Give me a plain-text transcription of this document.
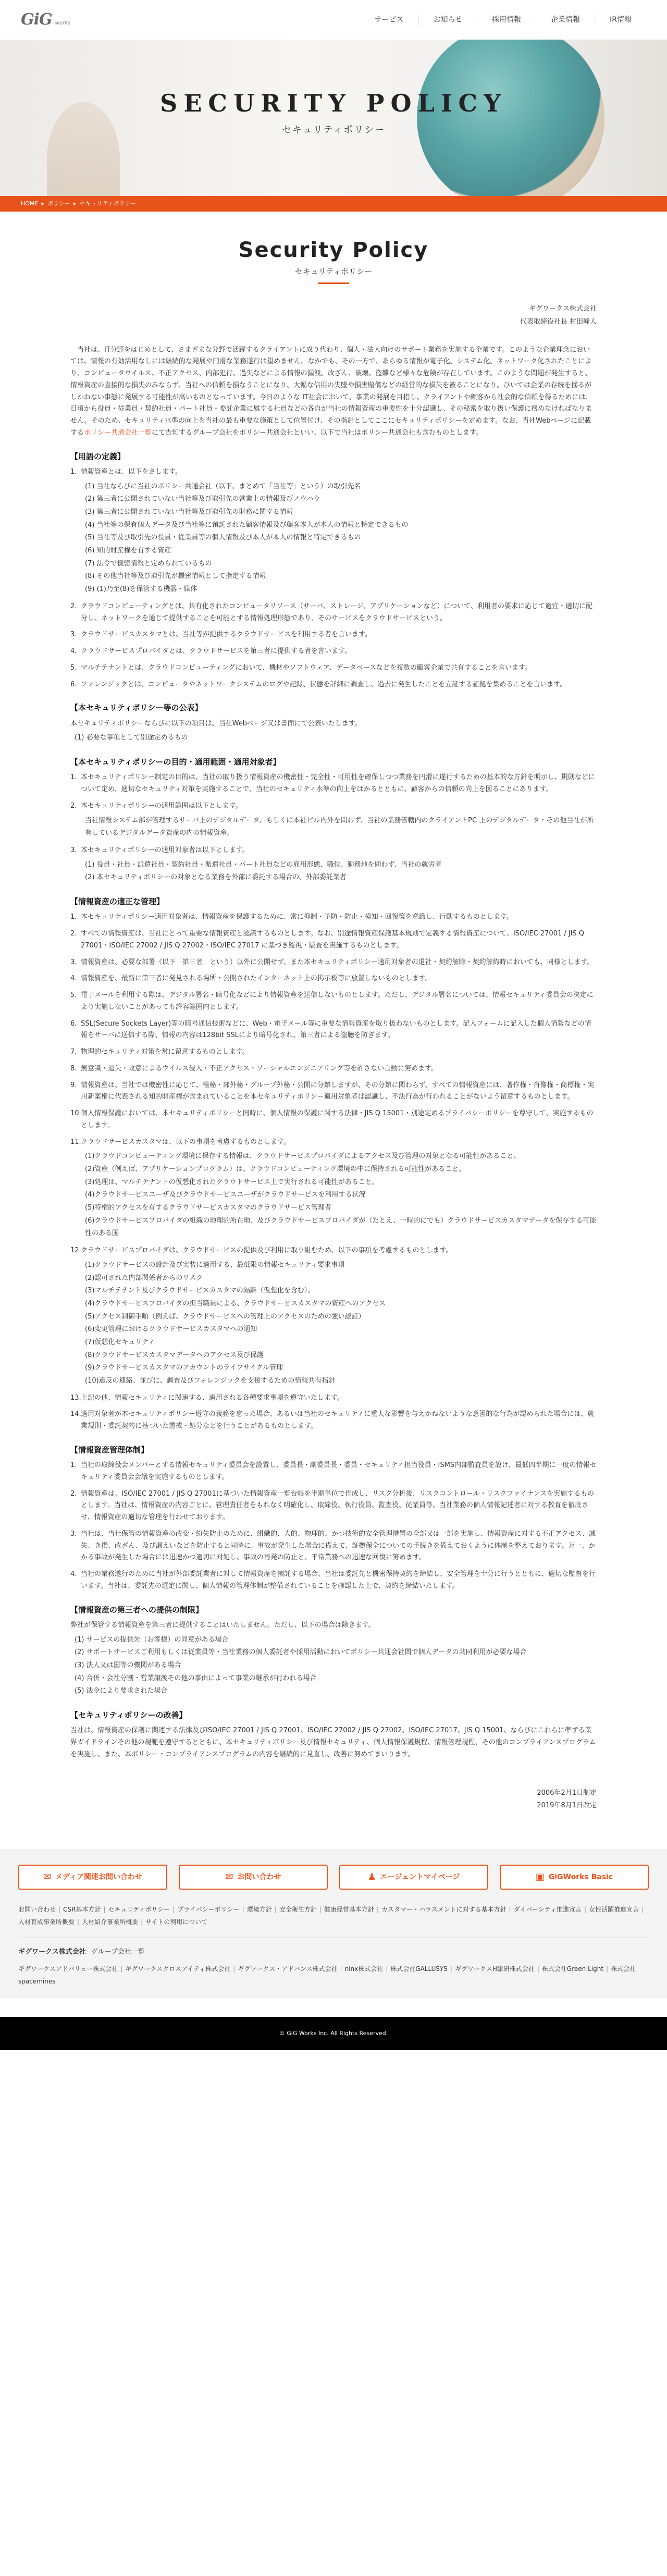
GiG works	サービス	お知らせ	採用情報	企業情報	IR情報
SECURITY POLICY
セキュリティポリシー
HOME ▸ ポリシー ▸ セキュリティポリシー
Security Policy
セキュリティポリシー
ギグワークス株式会社
代表取締役社長 村田峰人

当社は、IT分野をはじめとして、さまざまな分野で活躍するクライアントに成り代わり、個人・法人向けのサポート業務を実施する企業です。このような企業理念においては、情報の有効活用なしには継続的な発展や円滑な業務遂行は望めません。なかでも、その一方で、あらゆる情報が電子化、システム化、ネットワーク化されたことにより、コンピュータウイルス、不正アクセス、内部犯行、過失などによる情報の漏洩、改ざん、破壊、盗難など様々な危険が存在しています。このような問題が発生すると、情報資産の直接的な損失のみならず、当社への信頼を損なうことになり、大幅な信用の失墜や損害賠償などの経営的な損失を被ることになり、ひいては企業の存続を揺るがしかねない事態に発展する可能性が高いものとなっています。今日のような IT社会において、事業の発展を目指し、クライアントや顧客から社会的な信頼を得るためには、日頃から役員・従業員・契約社員・パート社員・委託企業に属する社員などの各自が当社の情報資産の重要性を十分認識し、その秘密を取り扱い保護に務めなければなりません。そのため、セキュリティ水準の向上を当社の最も重要な施策として位置付け、その指針としてここにセキュリティポリシーを定めます。なお、当社Webページに記載するポリシー共通会社一覧にて告知するグループ会社をポリシー共通会社といい、以下で当社はポリシー共通会社も含むものとします。

【用語の定義】
1. 情報資産とは、以下をさします。
(1) 当社ならびに当社のポリシー共通会社（以下、まとめて「当社等」という）の取引先名
(2) 第三者に公開されていない当社等及び取引先の営業上の情報及びノウハウ
(3) 第三者に公開されていない当社等及び取引先の財務に関する情報
(4) 当社等の保有個人データ及び当社等に預託された顧客情報及び顧客本人が本人の情報と特定できるもの
(5) 当社等及び取引先の役員・従業員等の個人情報及び本人が本人の情報と特定できるもの
(6) 知的財産権を有する資産
(7) 法令で機密情報と定められているもの
(8) その他当社等及び取引先が機密情報として指定する情報
(9) (1)乃至(8)を保管する機器・媒体
2. クラウドコンピューティングとは、共有化されたコンピュータリソース（サーバ、ストレージ、アプリケーションなど）について、利用者の要求に応じて適宜・適切に配分し、ネットワークを通じて提供することを可能とする情報処理形態であり、そのサービスをクラウドサービスという。
3. クラウドサービスカスタマとは、当社等が提供するクラウドサービスを利用する者を言います。
4. クラウドサービスプロバイダとは、クラウドサービスを第三者に提供する者を言います。
5. マルチテナントとは、クラウドコンピューティングにおいて、機材やソフトウェア、データベースなどを複数の顧客企業で共有することを言います。
6. フォレンジックとは、コンピュータやネットワークシステムのログや記録、状態を詳細に調査し、過去に発生したことを立証する証拠を集めることを言います。
【本セキュリティポリシー等の公表】
本セキュリティポリシーならびに以下の項目は、当社Webページ又は書面にて公表いたします。
(1) 必要な事項として別途定めるもの
【本セキュリティポリシーの目的・適用範囲・適用対象者】
1. 本セキュリティポリシー制定の目的は、当社の取り扱う情報資産の機密性・完全性・可用性を確保しつつ業務を円滑に遂行するための基本的な方針を明示し、規則などについて定め、適切なセキュリティ対策を実施することで、当社のセキュリティ水準の向上をはかるとともに、顧客からの信頼の向上を図ることにあります。
2. 本セキュリティポリシーの適用範囲は以下とします。
当社情報システム部が管理するサーバ上のデジタルデータ、もしくは本社ビル内外を問わず、当社の業務管轄内のクライアントPC 上のデジタルデータ・その他当社が所有しているデジタルデータ資産の内の情報資産。
3. 本セキュリティポリシーの適用対象者は以下とします。
(1) 役員・社員・派遣社員・契約社員・派遣社員・パート社員などの雇用形態、職位、勤務地を問わず、当社の就労者
(2) 本セキュリティポリシーの対象となる業務を外部に委託する場合の、外部委託業者
【情報資産の適正な管理】
1. 本セキュリティポリシー適用対象者は、情報資産を保護するために、常に抑制・予防・防止・検知・回復策を意識し、行動するものとします。
2. すべての情報資産は、当社にとって重要な情報資産と認識するものとします。なお、別途情報資産保護基本規則で定義する情報資産について、ISO/IEC 27001 / JIS Q 27001・ISO/IEC 27002 / JIS Q 27002・ISO/IEC 27017 に基づき監視・監査を実施するものとします。
3. 情報資産は、必要な部署（以下「第三者」という）以外に公開せず、また本セキュリティポリシー適用対象者の退社・契約解除・契約解約時においても、同様とします。
4. 情報資産を、最新に第三者に発見される場所・公開されたインターネット上の掲示板等に放置しないものとします。
5. 電子メールを利用する際は、デジタル署名・暗号化などにより情報資産を送信しないものとします。ただし、デジタル署名については、情報セキュリティ委員会の決定により実施しないことがあっても許容範囲内とします。
6. SSL(Secure Sockets Layer)等の暗号通信技術などに、Web・電子メール等に重要な情報資産を取り扱わないものとします。記入フォームに記入した個人情報などの情報をサーバに送信する際、情報の内容は128bit SSLにより暗号化され、第三者による盗聴を防ぎます。
7. 物理的セキュリティ対策を常に留意するものとします。
8. 無意識・過失・故意によるウイルス侵入・不正アクセス・ソーシャルエンジニアリング等を許さない言動に努めます。
9. 情報資産は、当社では機密性に応じて、極秘・部外秘・グループ外秘・公開に分類しますが、その分類に関わらず、すべての情報資産には、著作権・肖像権・商標権・実用新案権に代表される知的財産権が含まれていることを本セキュリティポリシー適用対象者は認識し、不法行為が行われることがないよう留意するものとします。
10. 個人情報保護においては、本セキュリティポリシーと同時に、個人情報の保護に関する法律・JIS Q 15001・別途定めるプライバシーポリシーを尊守して、実施するものとします。
11. クラウドサービスカスタマは、以下の事項を考慮するものとします。
(1)クラウドコンピューティング環境に保存する情報は、クラウドサービスプロバイダによるアクセス及び管理の対象となる可能性があること。
(2)資産（例えば、アプリケーションプログラム）は、クラウドコンピューティング環境の中に保持される可能性があること。
(3)処理は、マルチテナントの仮想化されたクラウドサービス上で実行される可能性があること。
(4)クラウドサービスユーザ及びクラウドサービスユーザがクラウドサービスを利用する状況
(5)特権的アクセスを有するクラウドサービスカスタマのクラウドサービス管理者
(6)クラウドサービスプロバイダの組織の地理的所在地、及びクラウドサービスプロバイダが（たとえ、一時的にでも）クラウドサービスカスタマデータを保存する可能性のある国
12. クラウドサービスプロバイダは、クラウドサービスの提供及び利用に取り組むため、以下の事項を考慮するものとします。
(1)クラウドサービスの設計及び実装に適用する、最低限の情報セキュリティ要求事項
(2)認可された内部関係者からのリスク
(3)マルチテナント及びクラウドサービスカスタマの隔離（仮想化を含む）。
(4)クラウドサービスプロバイダの担当職員による、クラウドサービスカスタマの資産へのアクセス
(5)アクセス制御手順（例えば、クラウドサービスへの管理上のアクセスのための強い認証）
(6)変更管理におけるクラウドサービスカスタマへの通知
(7)仮想化セキュリティ
(8)クラウドサービスカスタマデータへのアクセス及び保護
(9)クラウドサービスカスタマのアカウントのライフサイクル管理
(10)違反の連絡、並びに、調査及びフォレンジックを支援するための情報共有指針
13. 上記の他、情報セキュリティに関連する、適用される各種要求事項を遵守いたします。
14. 適用対象者が本セキュリティポリシー遵守の義務を怠った場合、あるいは当社のセキュリティに重大な影響を与えかねないような意図的な行為が認められた場合には、就業規則・委託契約に基づいた懲戒・処分などを行うことがあるものとします。
【情報資産管理体制】
1. 当社の取締役会メンバーとする情報セキュリティ委員会を設置し、委員長・副委員長・委員・セキュリティ担当役員・ISMS内部監査員を設け、最低四半期に一度の情報セキュリティ委員会会議を実施するものとします。
2. 情報資産は、ISO/IEC 27001 / JIS Q 27001に基づいた情報資産一覧台帳を半期単位で作成し、リスク分析後、リスクコントロール・リスクファイナンスを実施するものとします。当社は、情報資産の内容ごとに、管理責任者をもれなく明確化し、取締役、執行役員、監査役、従業員等、当社業務の個人情報記述者に対する教育を徹底させ、情報資産の適切な管理を行わせております。
3. 当社は、当社保管の情報資産の改変・紛失防止のために、組織的、人的、物理的、かつ技術的安全管理措置の全部又は一部を実施し、情報資産に対する不正アクセス、滅失、き損、改ざん、及び漏えいなどを防止すると同時に、事故が発生した場合に備えて、証拠保全についての手続きを備えておくように体制を整えております。万一、かかる事故が発生した場合には迅速かつ適切に対処し、事故の再発の防止と、平常業務への迅速な回復に努めます。
4. 当社の業務遂行のために当社が外部委託業者に対して情報資産を預託する場合、当社は委託先と機密保持契約を締結し、安全管理を十分に行うとともに、適切な監督を行います。当社は、委託先の選定に関し、個人情報の管理体制が整備されていることを確認した上で、契約を締結いたします。
【情報資産の第三者への提供の制限】
弊社が保管する情報資産を第三者に提供することはいたしません。ただし、以下の場合は除きます。
(1) サービスの提供先（お客様）の同意がある場合
(2) サポートサービスご利用もしくは従業員等・当社業務の個人委託者や採用活動においてポリシー共通会社間で個人データの共同利用が必要な場合
(3) 法人又は国等の機関がある場合
(4) 合併・会社分割・営業譲渡その他の事由によって事業の継承が行われる場合
(5) 法令により要求された場合
【セキュリティポリシーの改善】
当社は、情報資産の保護に関連する法律及びISO/IEC 27001 / JIS Q 27001、ISO/IEC 27002 / JIS Q 27002、ISO/IEC 27017、JIS Q 15001、ならびにこれらに準ずる業界ガイドラインその他の規範を遵守するとともに、本セキュリティポリシー及び情報セキュリティ、個人情報保護規程、情報管理規程、その他のコンプライアンスプログラムを実施し、また、本ポリシー・コンプライアンスプログラムの内容を継続的に見直し、改善に努めてまいります。
2006年2月1日制定
2019年8月1日改定
✉ メディア関連お問い合わせ	✉ お問い合わせ	♟ エージェントマイページ	▣ GiGWorks Basic
お問い合わせ | CSR基本方針 | セキュリティポリシー | プライバシーポリシー | 環境方針 | 安全衛生方針 | 健康経営基本方針 | カスタマー・ハラスメントに対する基本方針 | ダイバーシティ推進宣言 | 女性活躍推進宣言 |人材育成事業所概要 | 人材紹介事業所概要 | サイトの利用について
ギグワークス株式会社 グループ会社一覧
ギグワークスアドバリュー株式会社 | ギグワークスクロスアイティ株式会社 | ギグワークス・アドバンス株式会社 | ninx株式会社 | 株式会社GALLUSYS | ギグワークスH総研株式会社 | 株式会社Green Light | 株式会社spacemines
© GiG Works Inc. All Rights Reserved.
